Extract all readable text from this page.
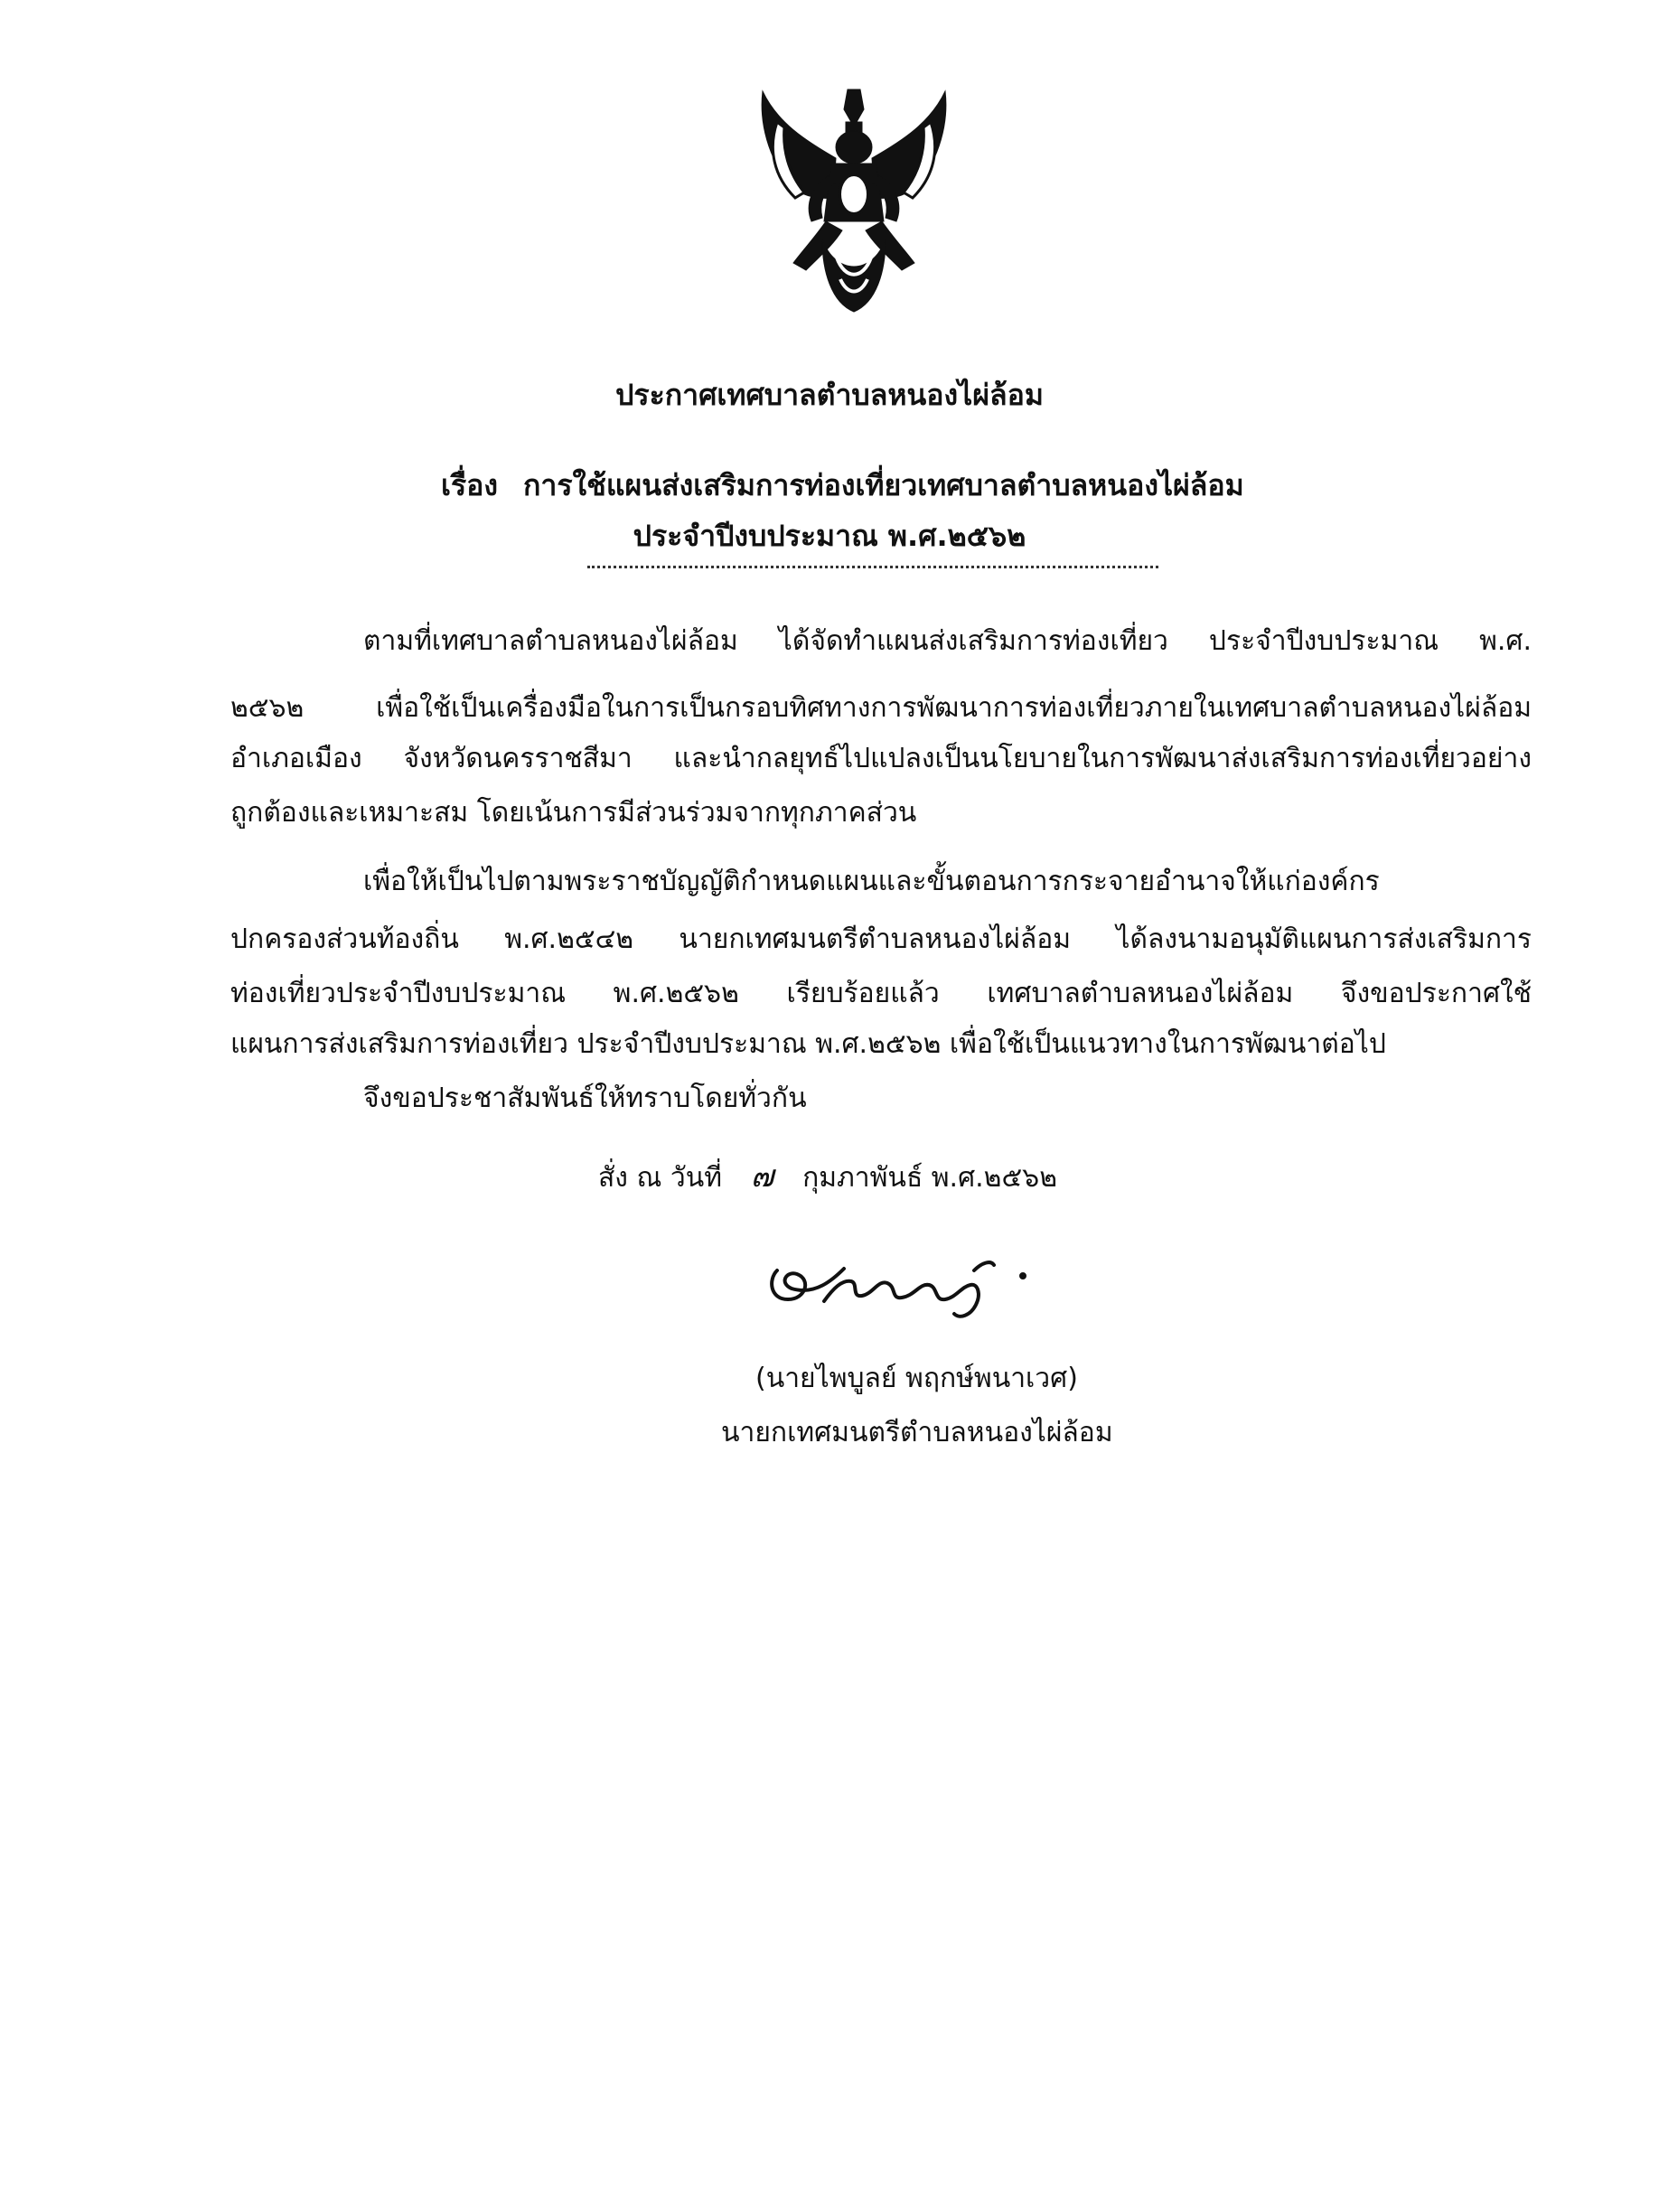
ประกาศเทศบาลตำบลหนองไผ่ล้อม
เรื่อง การใช้แผนส่งเสริมการท่องเที่ยวเทศบาลตำบลหนองไผ่ล้อม
ประจำปีงบประมาณ พ.ศ.๒๕๖๒
ตามที่เทศบาลตำบลหนองไผ่ล้อม ได้จัดทำแผนส่งเสริมการท่องเที่ยว ประจำปีงบประมาณ พ.ศ.
๒๕๖๒ เพื่อใช้เป็นเครื่องมือในการเป็นกรอบทิศทางการพัฒนาการท่องเที่ยวภายในเทศบาลตำบลหนองไผ่ล้อม
อำเภอเมือง จังหวัดนครราชสีมา และนำกลยุทธ์ไปแปลงเป็นนโยบายในการพัฒนาส่งเสริมการท่องเที่ยวอย่าง
ถูกต้องและเหมาะสม โดยเน้นการมีส่วนร่วมจากทุกภาคส่วน
เพื่อให้เป็นไปตามพระราชบัญญัติกำหนดแผนและขั้นตอนการกระจายอำนาจให้แก่องค์กร
ปกครองส่วนท้องถิ่น พ.ศ.๒๕๔๒ นายกเทศมนตรีตำบลหนองไผ่ล้อม ได้ลงนามอนุมัติแผนการส่งเสริมการ
ท่องเที่ยวประจำปีงบประมาณ พ.ศ.๒๕๖๒ เรียบร้อยแล้ว เทศบาลตำบลหนองไผ่ล้อม จึงขอประกาศใช้
แผนการส่งเสริมการท่องเที่ยว ประจำปีงบประมาณ พ.ศ.๒๕๖๒ เพื่อใช้เป็นแนวทางในการพัฒนาต่อไป
จึงขอประชาสัมพันธ์ให้ทราบโดยทั่วกัน
สั่ง ณ วันที่ ๗ กุมภาพันธ์ พ.ศ.๒๕๖๒
(นายไพบูลย์ พฤกษ์พนาเวศ)
นายกเทศมนตรีตำบลหนองไผ่ล้อม
